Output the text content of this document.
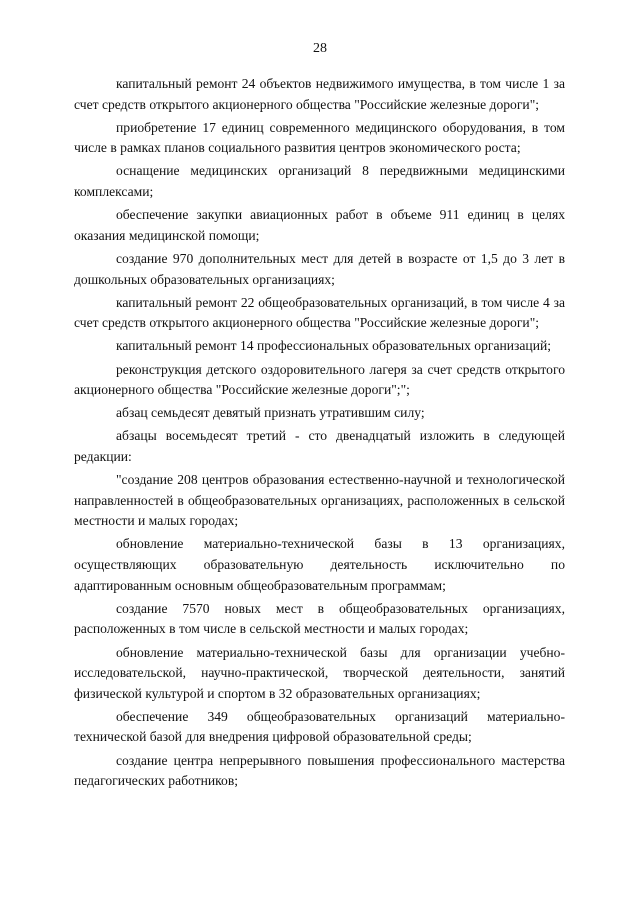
28

капитальный ремонт 24 объектов недвижимого имущества, в том числе 1 за счет средств открытого акционерного общества "Российские железные дороги";

приобретение 17 единиц современного медицинского оборудования, в том числе в рамках планов социального развития центров экономического роста;

оснащение медицинских организаций 8 передвижными медицинскими комплексами;

обеспечение закупки авиационных работ в объеме 911 единиц в целях оказания медицинской помощи;

создание 970 дополнительных мест для детей в возрасте от 1,5 до 3 лет в дошкольных образовательных организациях;

капитальный ремонт 22 общеобразовательных организаций, в том числе 4 за счет средств открытого акционерного общества "Российские железные дороги";

капитальный ремонт 14 профессиональных образовательных организаций;

реконструкция детского оздоровительного лагеря за счет средств открытого акционерного общества "Российские железные дороги";";

абзац семьдесят девятый признать утратившим силу;

абзацы восемьдесят третий - сто двенадцатый изложить в следующей редакции:

"создание 208 центров образования естественно-научной и технологической направленностей в общеобразовательных организациях, расположенных в сельской местности и малых городах;

обновление материально-технической базы в 13 организациях, осуществляющих образовательную деятельность исключительно по адаптированным основным общеобразовательным программам;

создание 7570 новых мест в общеобразовательных организациях, расположенных в том числе в сельской местности и малых городах;

обновление материально-технической базы для организации учебно-исследовательской, научно-практической, творческой деятельности, занятий физической культурой и спортом в 32 образовательных организациях;

обеспечение 349 общеобразовательных организаций материально-технической базой для внедрения цифровой образовательной среды;

создание центра непрерывного повышения профессионального мастерства педагогических работников;
